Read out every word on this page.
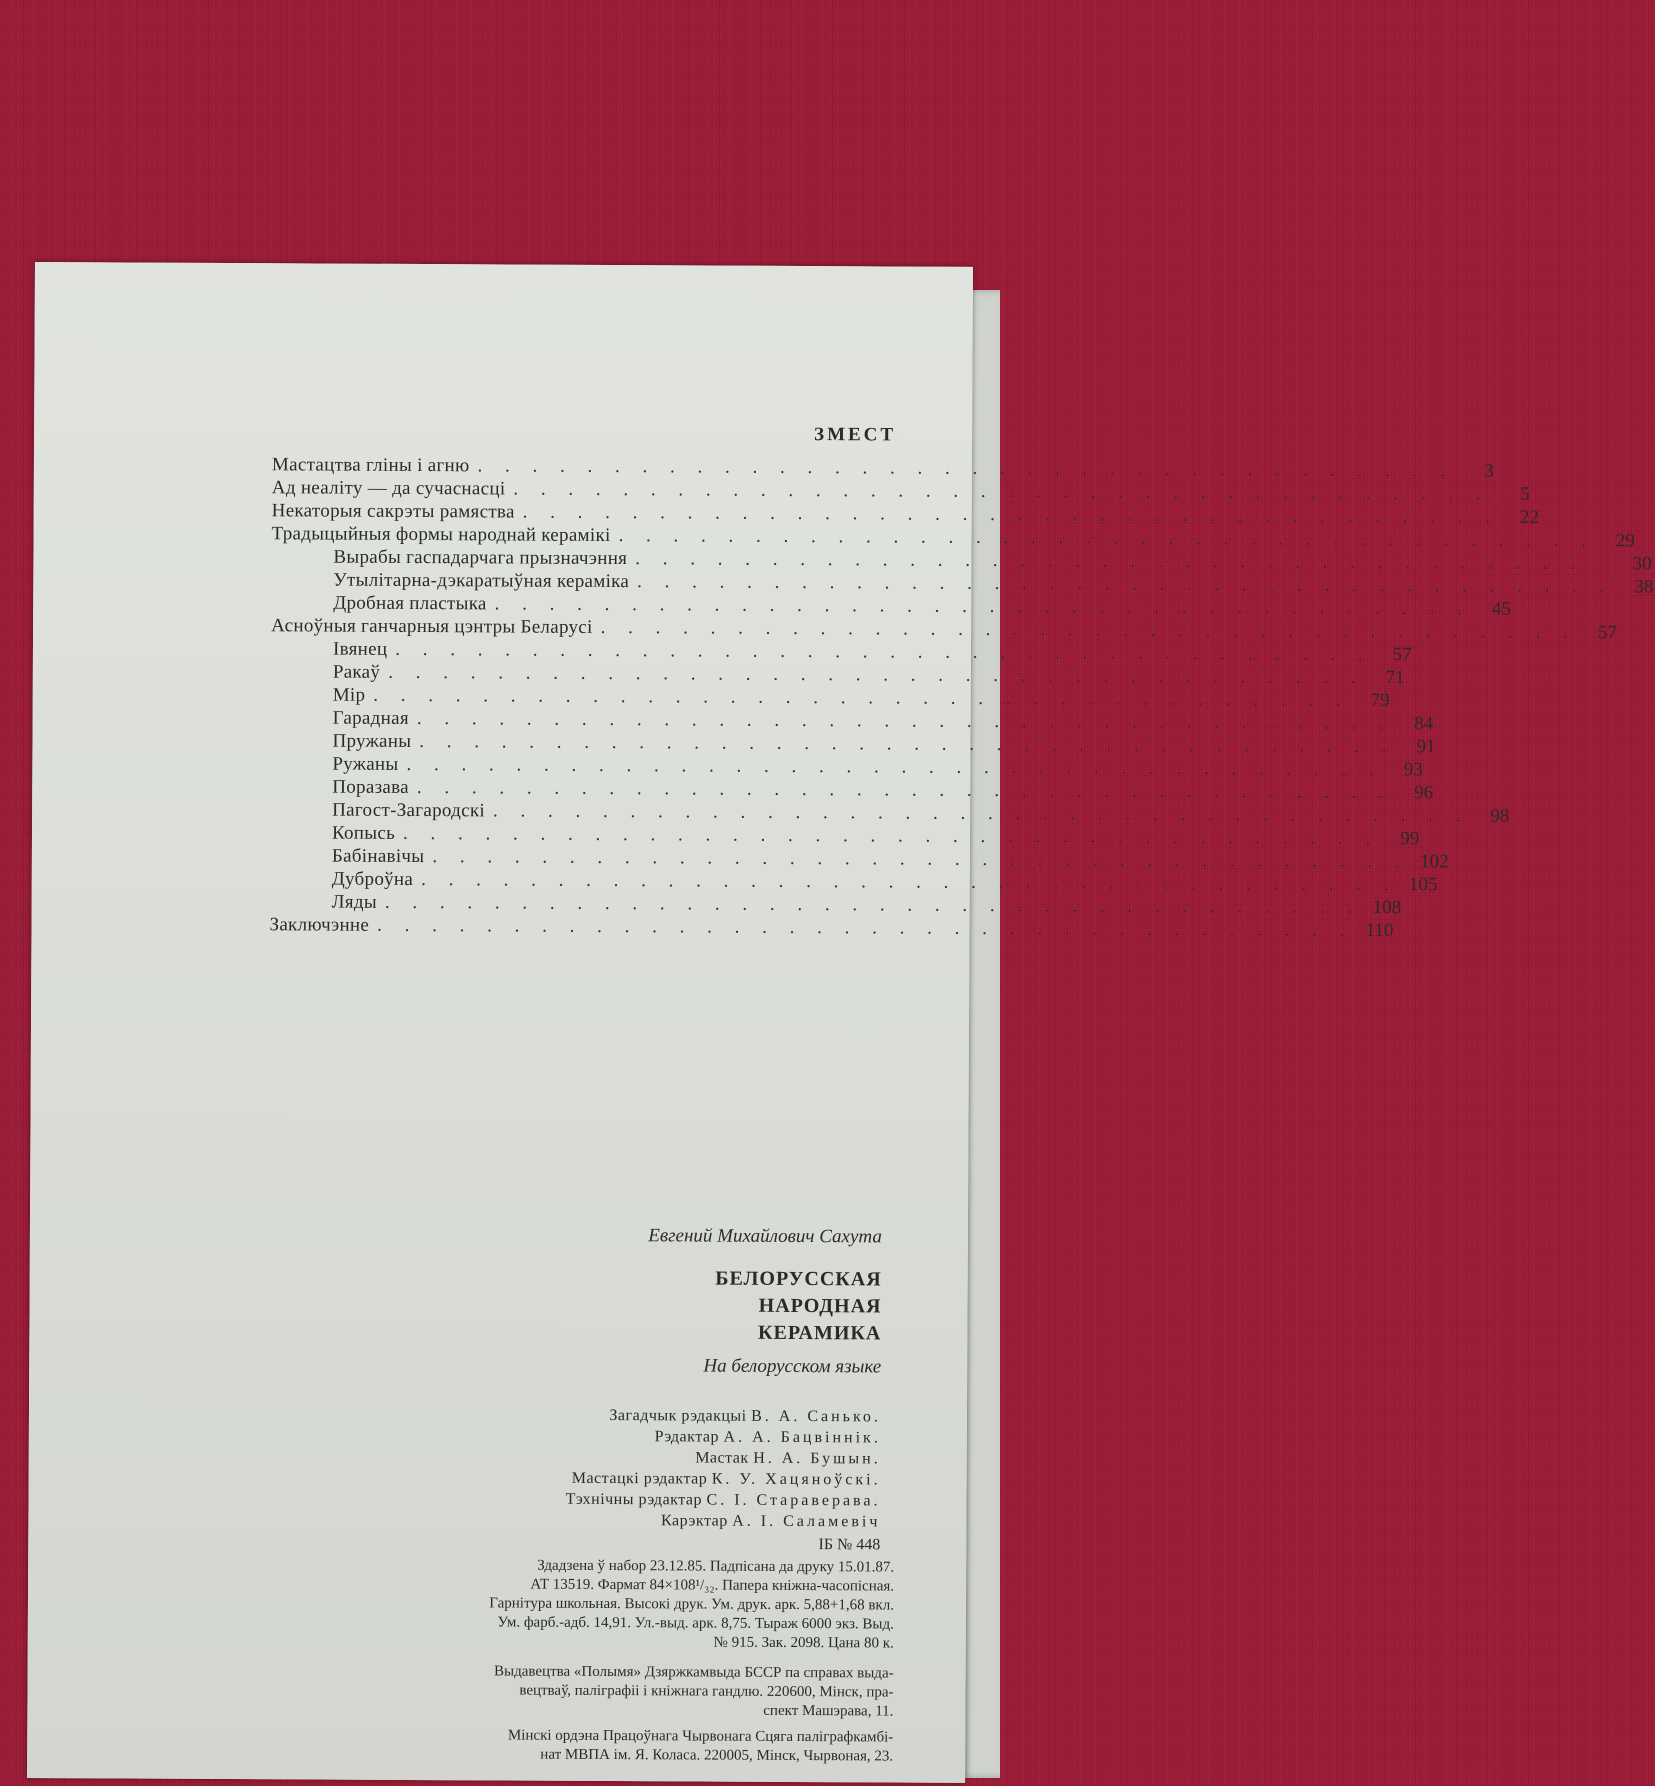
ЗМЕСТ
Мастацтва гліны і агню . . . . . . . . . . . . . . . . . . . . . . . . . . . . . . . . . . . .	3
Ад неаліту — да сучаснасці . . . . . . . . . . . . . . . . . . . . . . . . . . . . . . . . . . . .	5
Некаторыя сакрэты рамяства . . . . . . . . . . . . . . . . . . . . . . . . . . . . . . . . . . . .	22
Традыцыйныя формы народнай керамікі . . . . . . . . . . . . . . . . . . . . . . . . . . . . . . . . . . . .	29
Вырабы гаспадарчага прызначэння . . . . . . . . . . . . . . . . . . . . . . . . . . . . . . . . . . . .	30
Утылітарна-дэкаратыўная кераміка . . . . . . . . . . . . . . . . . . . . . . . . . . . . . . . . . . . .	38
Дробная пластыка . . . . . . . . . . . . . . . . . . . . . . . . . . . . . . . . . . . .	45
Асноўныя ганчарныя цэнтры Беларусі . . . . . . . . . . . . . . . . . . . . . . . . . . . . . . . . . . . .	57
Івянец . . . . . . . . . . . . . . . . . . . . . . . . . . . . . . . . . . . .	57
Ракаў . . . . . . . . . . . . . . . . . . . . . . . . . . . . . . . . . . . .	71
Мір . . . . . . . . . . . . . . . . . . . . . . . . . . . . . . . . . . . .	79
Гарадная . . . . . . . . . . . . . . . . . . . . . . . . . . . . . . . . . . . .	84
Пружаны . . . . . . . . . . . . . . . . . . . . . . . . . . . . . . . . . . . .	91
Ружаны . . . . . . . . . . . . . . . . . . . . . . . . . . . . . . . . . . . .	93
Поразава . . . . . . . . . . . . . . . . . . . . . . . . . . . . . . . . . . . .	96
Пагост-Загародскі . . . . . . . . . . . . . . . . . . . . . . . . . . . . . . . . . . . .	98
Копысь . . . . . . . . . . . . . . . . . . . . . . . . . . . . . . . . . . . .	99
Бабінавічы . . . . . . . . . . . . . . . . . . . . . . . . . . . . . . . . . . . . 102
Дуброўна . . . . . . . . . . . . . . . . . . . . . . . . . . . . . . . . . . . . 105
Ляды . . . . . . . . . . . . . . . . . . . . . . . . . . . . . . . . . . . . 108
Заключэнне . . . . . . . . . . . . . . . . . . . . . . . . . . . . . . . . . . . . 110
Евгений Михайлович Сахута
БЕЛОРУССКАЯ
НАРОДНАЯ
КЕРАМИКА
На белорусском языке
Загадчык рэдакцыі В. А. Санько.
Рэдактар А. А. Бацвіннік.
Мастак Н. А. Бушын.
Мастацкі рэдактар К. У. Хацяноўскі.
Тэхнічны рэдактар С. І. Стараверава.
Карэктар А. І. Саламевіч
ІБ № 448
Здадзена ў набор 23.12.85. Падпісана да друку 15.01.87.
АТ 13519. Фармат 84×108¹/₃₂. Папера кніжна-часопісная.
Гарнітура школьная. Высокі друк. Ум. друк. арк. 5,88+1,68 вкл.
Ум. фарб.-адб. 14,91. Ул.-выд. арк. 8,75. Тыраж 6000 экз. Выд.
№ 915. Зак. 2098. Цана 80 к.
Выдавецтва «Полымя» Дзяржкамвыда БССР па справах выда-
вецтваў, паліграфіі і кніжнага гандлю. 220600, Мінск, пра-
спект Машэрава, 11.
Мінскі ордэна Працоўнага Чырвонага Сцяга паліграфкамбі-
нат МВПА ім. Я. Коласа. 220005, Мінск, Чырвоная, 23.
